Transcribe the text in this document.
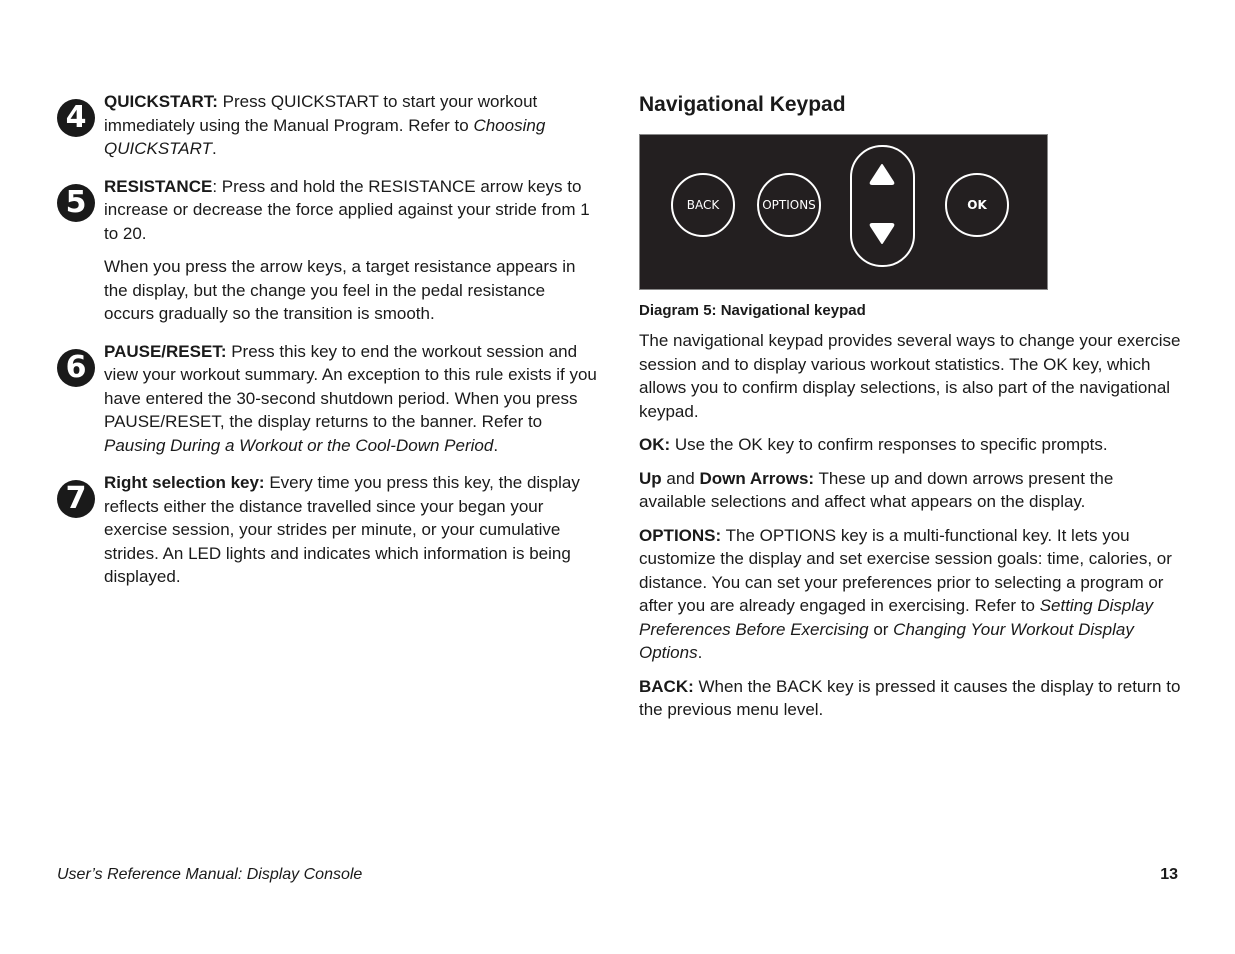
4	QUICKSTART: Press QUICKSTART to start your workout immediately using the Manual Program. Refer to Choosing QUICKSTART.

5	RESISTANCE: Press and hold the RESISTANCE arrow keys to increase or decrease the force applied against your stride from 1 to 20.

When you press the arrow keys, a target resistance appears in the display, but the change you feel in the pedal resistance occurs gradually so the transition is smooth.

6	PAUSE/RESET: Press this key to end the workout session and view your workout summary. An exception to this rule exists if you have entered the 30-second shutdown period. When you press PAUSE/RESET, the display returns to the banner. Refer to Pausing During a Workout or the Cool-Down Period.

7	Right selection key: Every time you press this key, the display reflects either the distance travelled since your began your exercise session, your strides per minute, or your cumulative strides. An LED lights and indicates which information is being displayed.

Navigational Keypad
BACK	OPTIONS	OK
Diagram 5: Navigational keypad

The navigational keypad provides several ways to change your exercise session and to display various workout statistics. The OK key, which allows you to confirm display selections, is also part of the navigational keypad.

OK: Use the OK key to confirm responses to specific prompts.

Up and Down Arrows: These up and down arrows present the available selections and affect what appears on the display.

OPTIONS: The OPTIONS key is a multi-functional key. It lets you customize the display and set exercise session goals: time, calories, or distance. You can set your preferences prior to selecting a program or after you are already engaged in exercising. Refer to Setting Display Preferences Before Exercising or Changing Your Workout Display Options.

BACK: When the BACK key is pressed it causes the display to return to the previous menu level.

User’s Reference Manual: Display Console	13
